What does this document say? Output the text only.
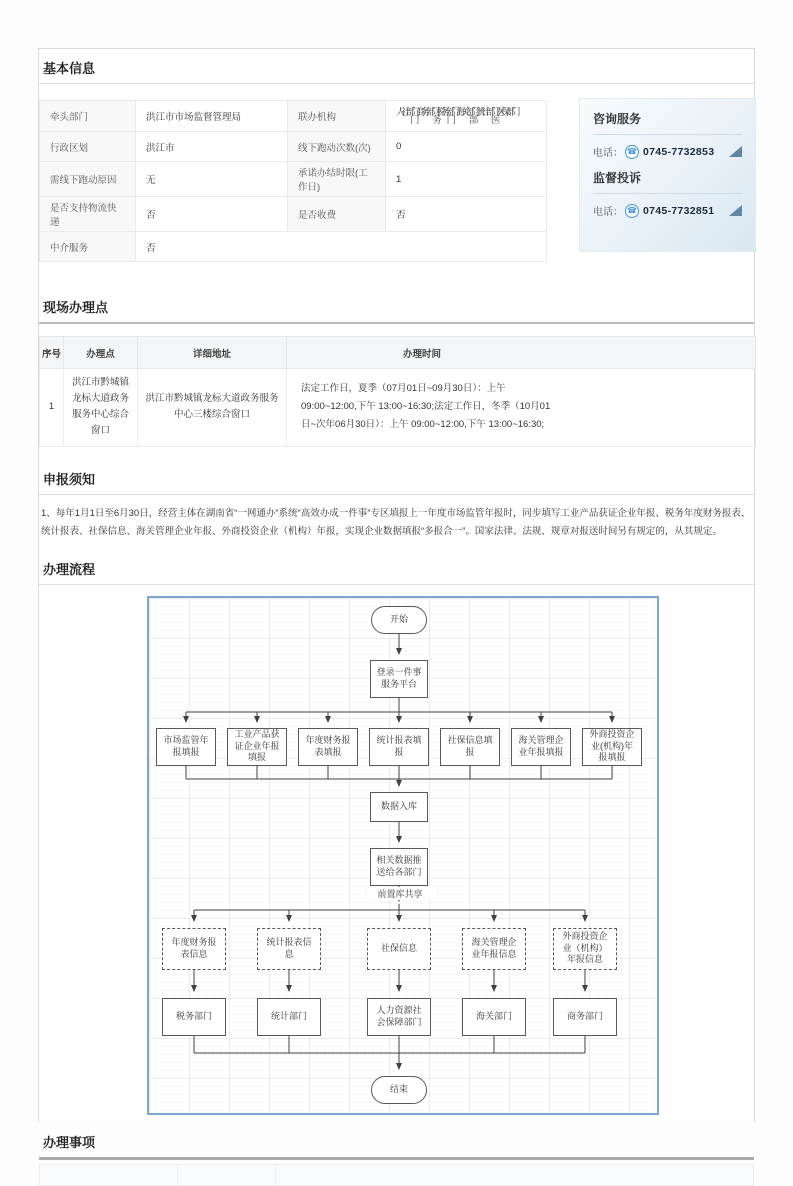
基本信息
牵头部门	洪江市市场监督管理局	联办机构	人社部门商务部门税务部门海关部门统计部门医保部门
门 务门 部 医

行政区划	洪江市	线下跑动次数(次)	0
需线下跑动原因	无	承诺办结时限(工作日)	1
是否支持物流快递	否	是否收费	否
中介服务	否		
咨询服务
电话： ☎ 0745-7732853
监督投诉
电话： ☎ 0745-7732851
现场办理点
序号	办理点	详细地址	办理时间
1	洪江市黔城镇龙标大道政务服务中心综合窗口	洪江市黔城镇龙标大道政务服务中心三楼综合窗口	法定工作日，夏季（07月01日~09月30日）：上午 09:00~12:00,下午 13:00~16:30;法定工作日，冬季（10月01日~次年06月30日）：上午 09:00~12:00,下午 13:00~16:30;
申报须知
1、每年1月1日至6月30日，经营主体在湖南省“一网通办”系统“高效办成一件事”专区填报上一年度市场监管年报时，同步填写工业产品获证企业年报、税务年度财务报表、统计报表、社保信息、海关管理企业年报、外商投资企业（机构）年报，实现企业数据填报“多报合一”。国家法律、法规、规章对报送时间另有规定的，从其规定。
办理流程
开始
登录一件事服务平台
市场监管年报填报
工业产品获证企业年报填报
年度财务报表填报
统计报表填报
社保信息填报
海关管理企业年报填报
外商投资企业(机构)年报填报
数据入库
相关数据推送给各部门
前置库共享
年度财务报表信息
统计报表信息
社保信息
海关管理企业年报信息
外商投资企业（机构）年报信息
税务部门	统计部门
人力资源社会保障部门
海关部门	商务部门
结束
办理事项
